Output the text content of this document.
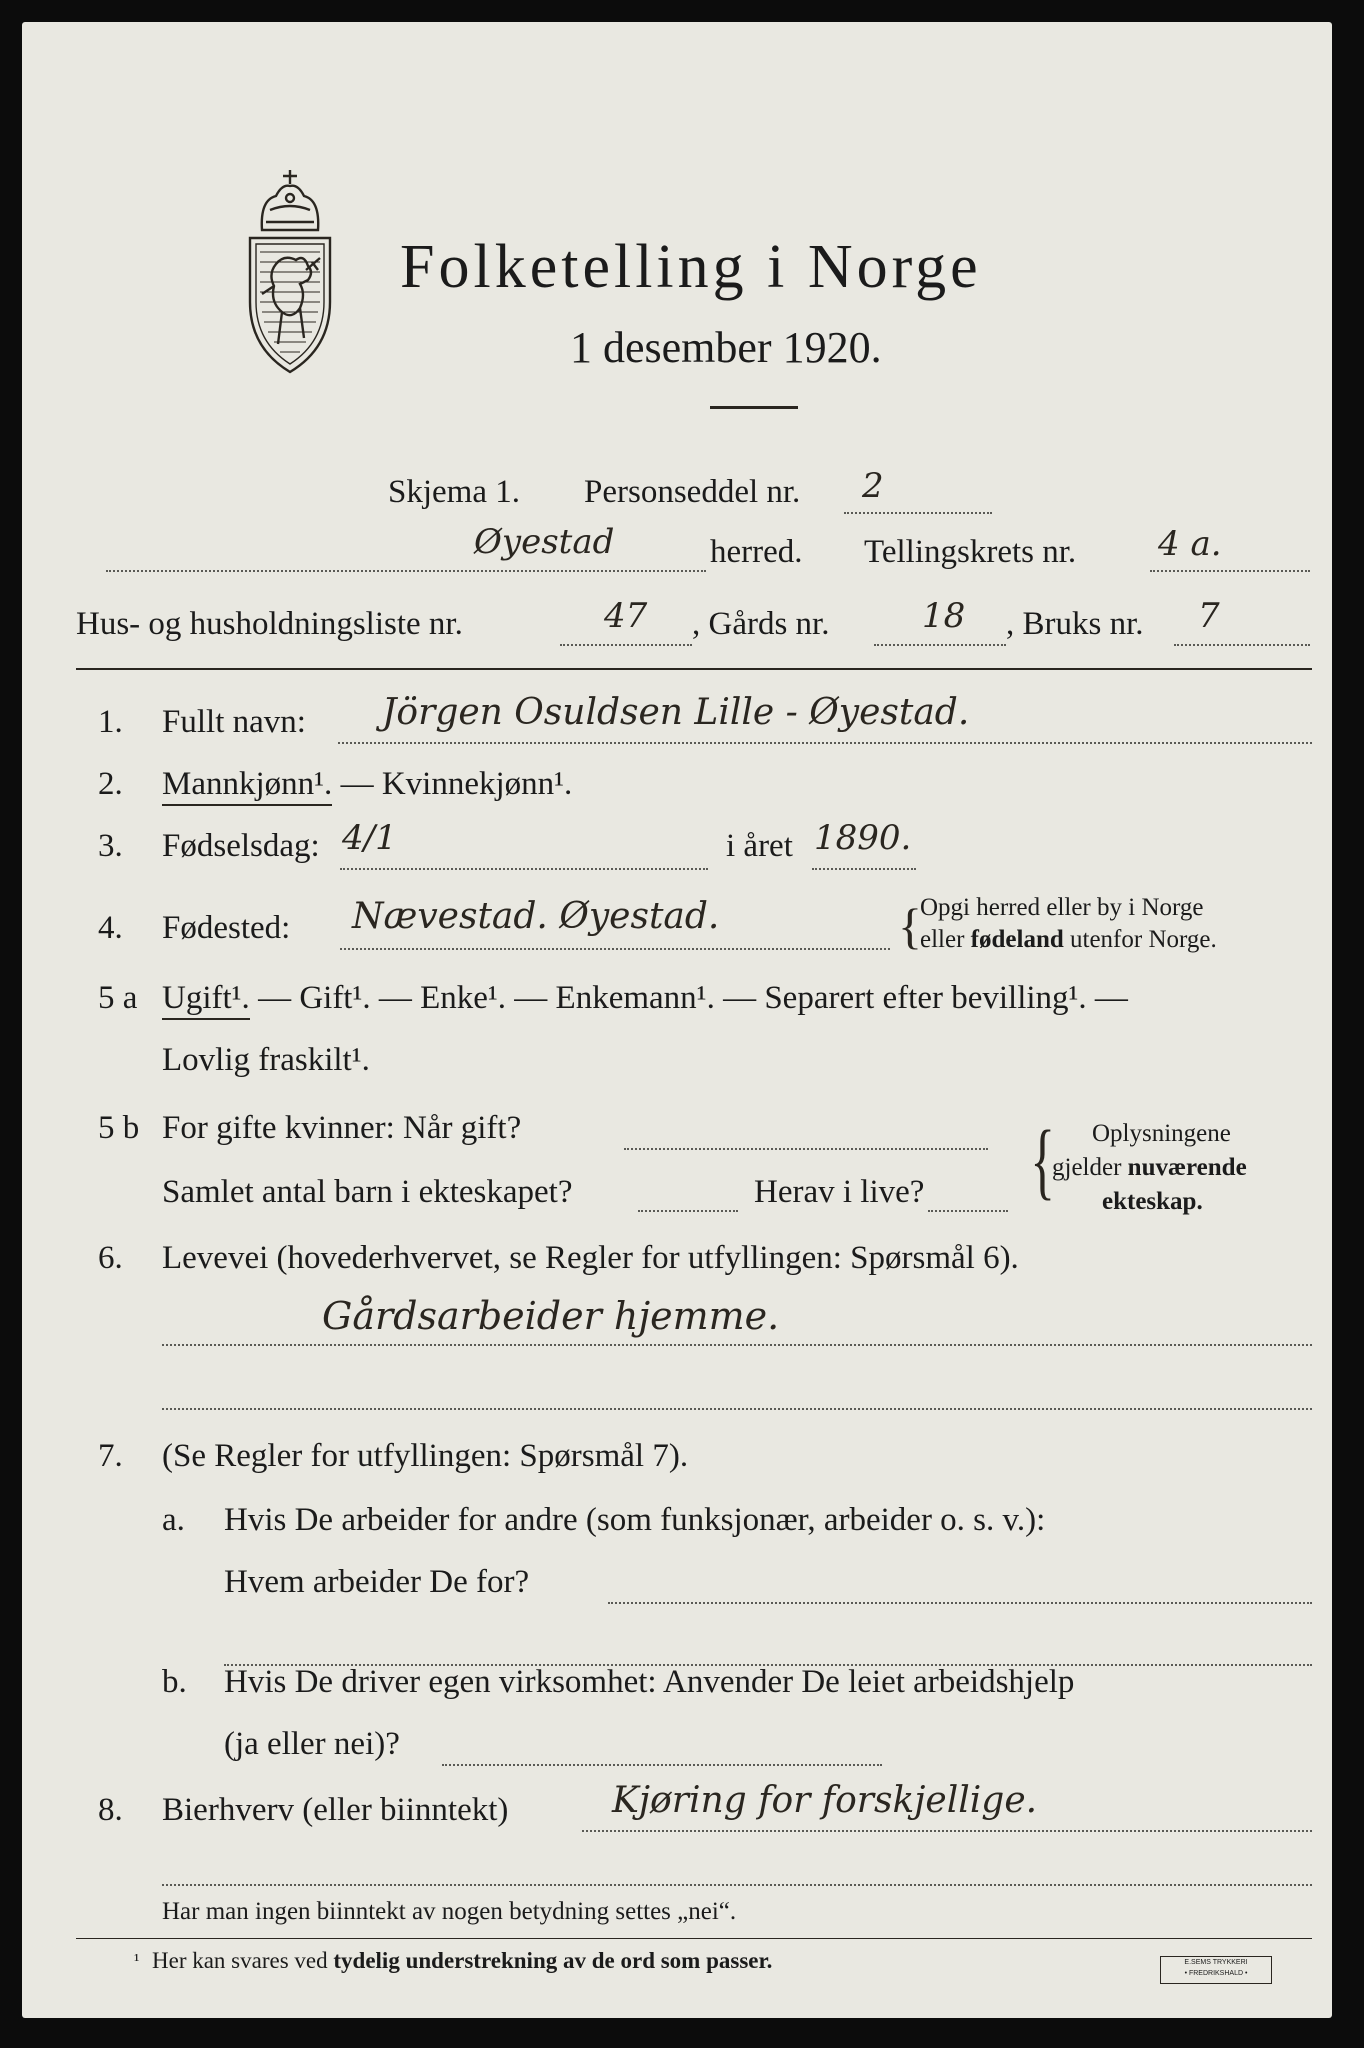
Folketelling i Norge
1 desember 1920.
Skjema 1. Personseddel nr. 2
Øyestad	herred. Tellingskrets nr. 4 a.
Hus- og husholdningsliste nr.	47 , Gårds nr.	18 , Bruks nr. 7
1. Fullt navn: Jörgen Osuldsen Lille - Øyestad.
2. Mannkjønn¹. — Kvinnekjønn¹.
3. Fødselsdag: 4/1	i året 1890.
4. Fødested: Nævestad. Øyestad.	{
Opgi herred eller by i Norge
eller fødeland utenfor Norge.
5 a Ugift¹. — Gift¹. — Enke¹. — Enkemann¹. — Separert efter bevilling¹. —
Lovlig fraskilt¹.
5 b For gifte kvinner: Når gift?
Samlet antal barn i ekteskapet?	Herav i live? { Oplysningene
gjelder nuværende
ekteskap.
6. Levevei (hovederhvervet, se Regler for utfyllingen: Spørsmål 6).
Gårdsarbeider hjemme.
7. (Se Regler for utfyllingen: Spørsmål 7).
a. Hvis De arbeider for andre (som funksjonær, arbeider o. s. v.):
Hvem arbeider De for?
b. Hvis De driver egen virksomhet: Anvender De leiet arbeidshjelp
(ja eller nei)?
8. Bierhverv (eller biinntekt)	Kjøring for forskjellige.
Har man ingen biinntekt av nogen betydning settes „nei“.
¹ Her kan svares ved tydelig understrekning av de ord som passer.	E.SEMS TRYKKERI
• FREDRIKSHALD •
